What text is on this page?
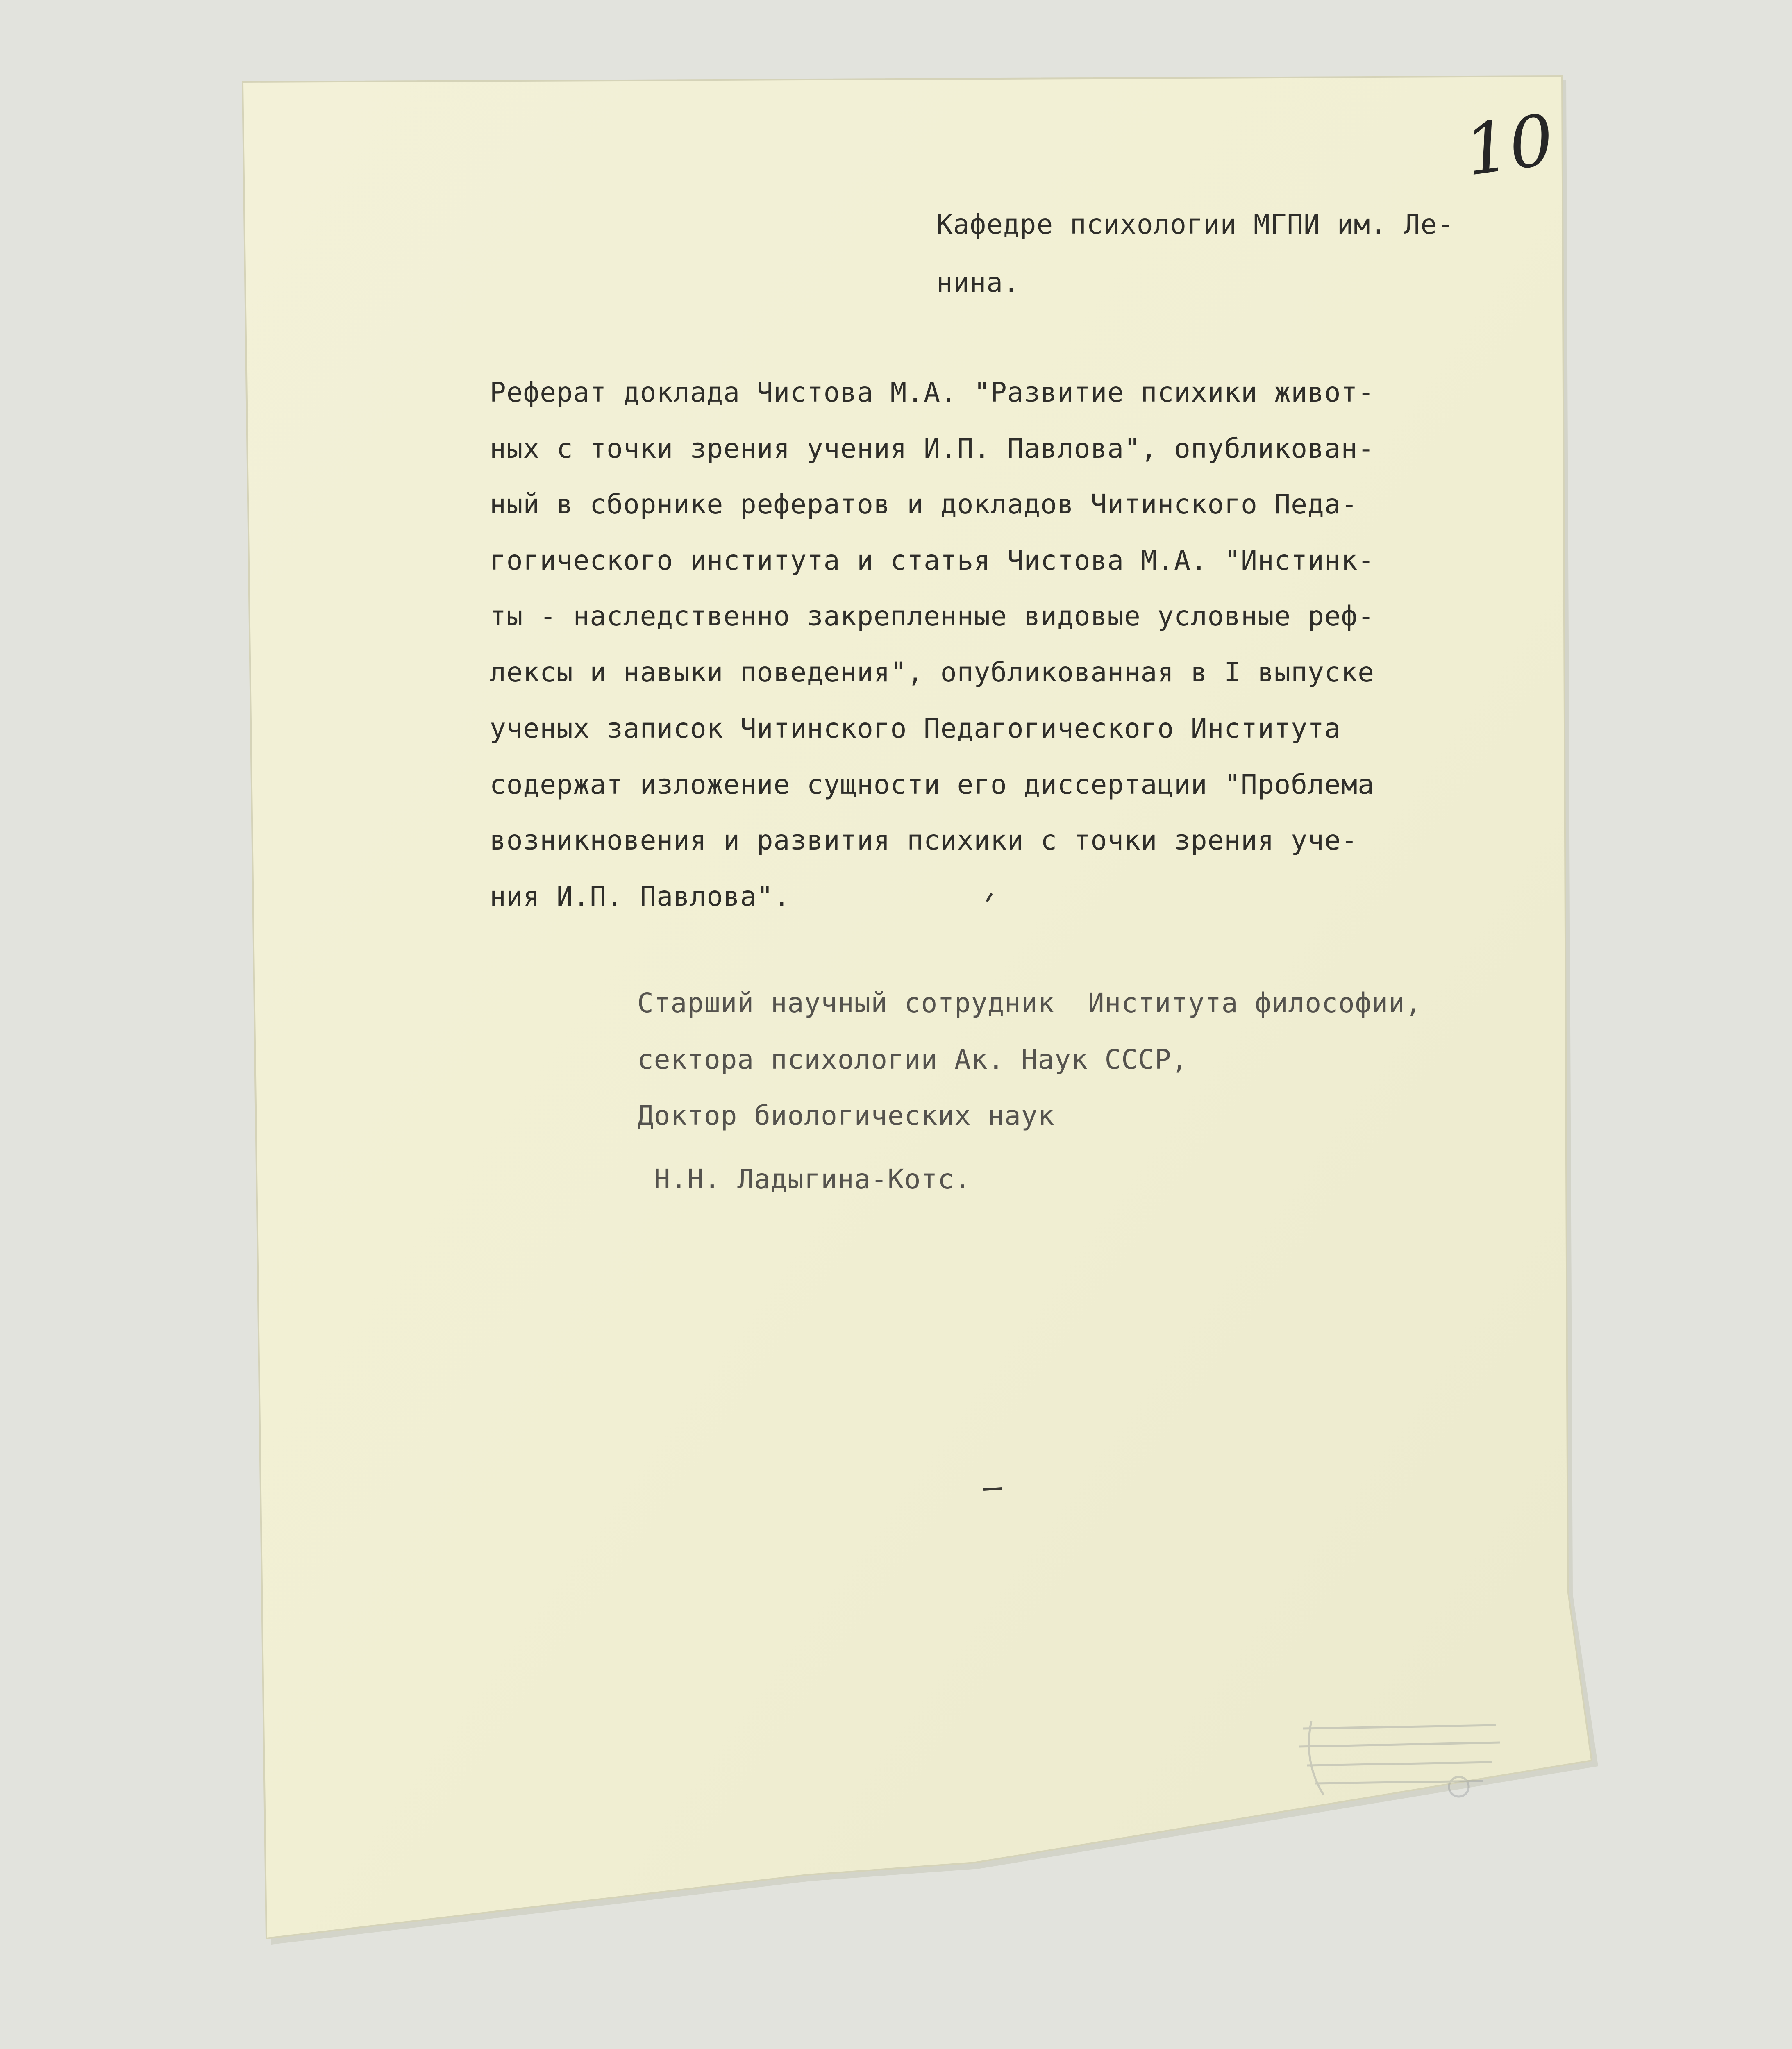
10
Кафедре психологии МГПИ им. Ле-
нина.
Реферат доклада Чистова М.А. "Развитие психики живот-
ных с точки зрения учения И.П. Павлова", опубликован-
ный в сборнике рефератов и докладов Читинского Педа-
гогического института и статья Чистова М.А. "Инстинк-
ты - наследственно закрепленные видовые условные реф-
лексы и навыки поведения", опубликованная в I выпуске
ученых записок Читинского Педагогического Института
содержат изложение сущности его диссертации "Проблема
возникновения и развития психики с точки зрения уче-
ния И.П. Павлова".
Старший научный сотрудник  Института философии,
сектора психологии Ак. Наук СССР,
Доктор биологических наук
Н.Н. Ладыгина-Котс.
